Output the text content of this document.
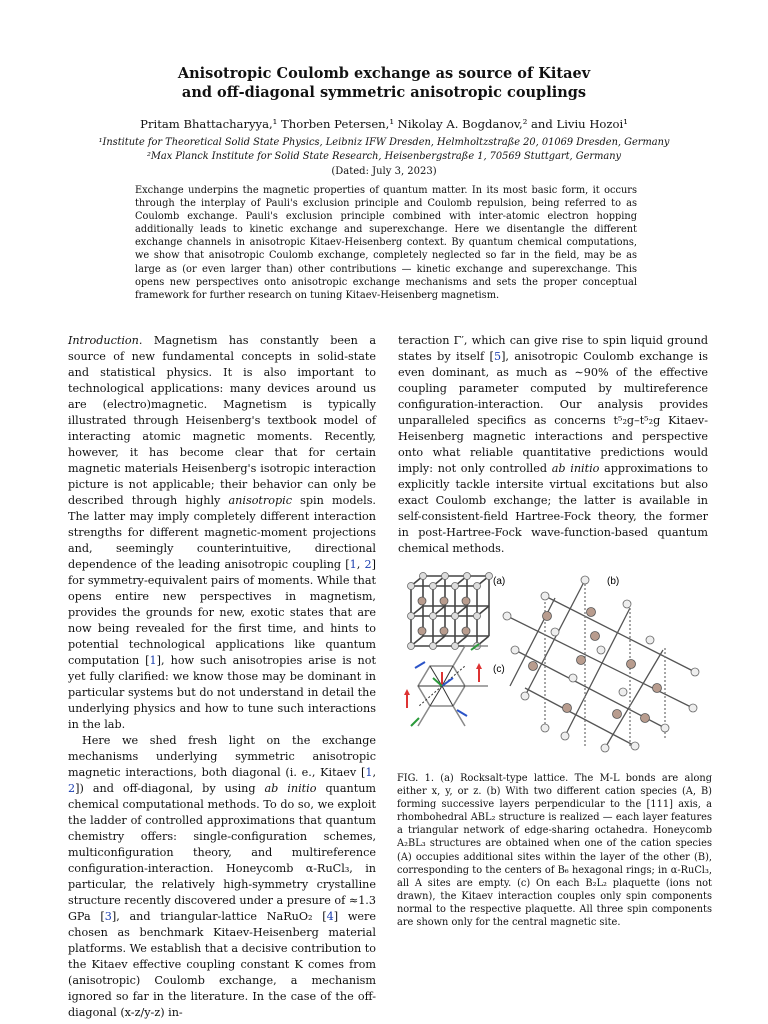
Anisotropic Coulomb exchange as source of Kitaev
and off-diagonal symmetric anisotropic couplings
Pritam Bhattacharyya,¹ Thorben Petersen,¹ Nikolay A. Bogdanov,² and Liviu Hozoi¹
¹Institute for Theoretical Solid State Physics, Leibniz IFW Dresden, Helmholtzstraße 20, 01069 Dresden, Germany
²Max Planck Institute for Solid State Research, Heisenbergstraße 1, 70569 Stuttgart, Germany
(Dated: July 3, 2023)
Exchange underpins the magnetic properties of quantum matter. In its most basic form, it occurs through the interplay of Pauli's exclusion principle and Coulomb repulsion, being referred to as Coulomb exchange. Pauli's exclusion principle combined with inter-atomic electron hopping additionally leads to kinetic exchange and superexchange. Here we disentangle the different exchange channels in anisotropic Kitaev-Heisenberg context. By quantum chemical computations, we show that anisotropic Coulomb exchange, completely neglected so far in the field, may be as large as (or even larger than) other contributions — kinetic exchange and superexchange. This opens new perspectives onto anisotropic exchange mechanisms and sets the proper conceptual framework for further research on tuning Kitaev-Heisenberg magnetism.

Introduction. Magnetism has constantly been a source of new fundamental concepts in solid-state and statistical physics. It is also important to technological applications: many devices around us are (electro)magnetic. Magnetism is typically illustrated through Heisenberg's textbook model of interacting atomic magnetic moments. Recently, however, it has become clear that for certain magnetic materials Heisenberg's isotropic interaction picture is not applicable; their behavior can only be described through highly anisotropic spin models. The latter may imply completely different interaction strengths for different magnetic-moment projections and, seemingly counterintuitive, directional dependence of the leading anisotropic coupling [1, 2] for symmetry-equivalent pairs of moments. While that opens entire new perspectives in magnetism, provides the grounds for new, exotic states that are now being revealed for the first time, and hints to potential technological applications like quantum computation [1], how such anisotropies arise is not yet fully clarified: we know those may be dominant in particular systems but do not understand in detail the underlying physics and how to tune such interactions in the lab.

Here we shed fresh light on the exchange mechanisms underlying symmetric anisotropic magnetic interactions, both diagonal (i. e., Kitaev [1, 2]) and off-diagonal, by using ab initio quantum chemical computational methods. To do so, we exploit the ladder of controlled approximations that quantum chemistry offers: single-configuration schemes, multiconfiguration theory, and multireference configuration-interaction. Honeycomb α-RuCl₃, in particular, the relatively high-symmetry crystalline structure recently discovered under a presure of ≈1.3 GPa [3], and triangular-lattice NaRuO₂ [4] were chosen as benchmark Kitaev-Heisenberg material platforms. We establish that a decisive contribution to the Kitaev effective coupling constant K comes from (anisotropic) Coulomb exchange, a mechanism ignored so far in the literature. In the case of the off-diagonal (x-z/y-z) in-

teraction Γ′, which can give rise to spin liquid ground states by itself [5], anisotropic Coulomb exchange is even dominant, as much as ∼90% of the effective coupling parameter computed by multireference configuration-interaction. Our analysis provides unparalleled specifics as concerns t⁵₂g–t⁵₂g Kitaev-Heisenberg magnetic interactions and perspective onto what reliable quantitative predictions would imply: not only controlled ab initio approximations to explicitly tackle intersite virtual excitations but also exact Coulomb exchange; the latter is available in self-consistent-field Hartree-Fock theory, the former in post-Hartree-Fock wave-function-based quantum chemical methods.

(a)	(b)
(c)
FIG. 1. (a) Rocksalt-type lattice. The M-L bonds are along either x, y, or z. (b) With two different cation species (A, B) forming successive layers perpendicular to the [111] axis, a rhombohedral ABL₂ structure is realized — each layer features a triangular network of edge-sharing octahedra. Honeycomb A₂BL₃ structures are obtained when one of the cation species (A) occupies additional sites within the layer of the other (B), corresponding to the centers of B₆ hexagonal rings; in α-RuCl₃, all A sites are empty. (c) On each B₂L₂ plaquette (ions not drawn), the Kitaev interaction couples only spin components normal to the respective plaquette. All three spin components are shown only for the central magnetic site.
